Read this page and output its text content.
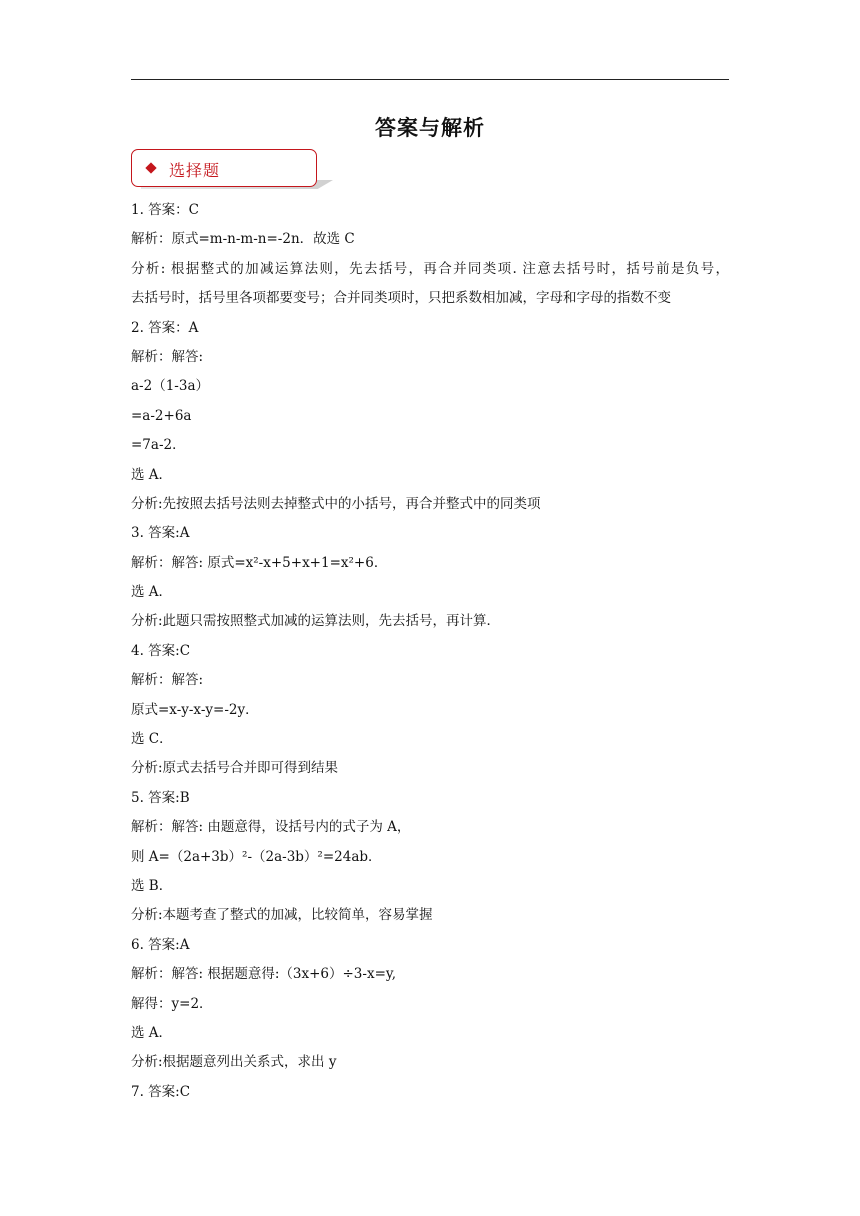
答案与解析
选择题
1. 答案：C
解析：原式=m-n-m-n=-2n．故选 C
分析: 根据整式的加减运算法则，先去括号，再合并同类项. 注意去括号时，括号前是负号，
去括号时，括号里各项都要变号；合并同类项时，只把系数相加减，字母和字母的指数不变
2. 答案：A
解析：解答:
a-2（1-3a）
=a-2+6a
=7a-2．
选 A．
分析:先按照去括号法则去掉整式中的小括号，再合并整式中的同类项
3. 答案:A
解析：解答: 原式=x²-x+5+x+1=x²+6．
选 A．
分析:此题只需按照整式加减的运算法则，先去括号，再计算．
4. 答案:C
解析：解答:
原式=x-y-x-y=-2y．
选 C．
分析:原式去括号合并即可得到结果
5. 答案:B
解析：解答: 由题意得，设括号内的式子为 A，
则 A=（2a+3b）²-（2a-3b）²=24ab．
选 B．
分析:本题考查了整式的加减，比较简单，容易掌握
6. 答案:A
解析：解答: 根据题意得:（3x+6）÷3-x=y,
解得：y=2．
选 A．
分析:根据题意列出关系式，求出 y
7. 答案:C
